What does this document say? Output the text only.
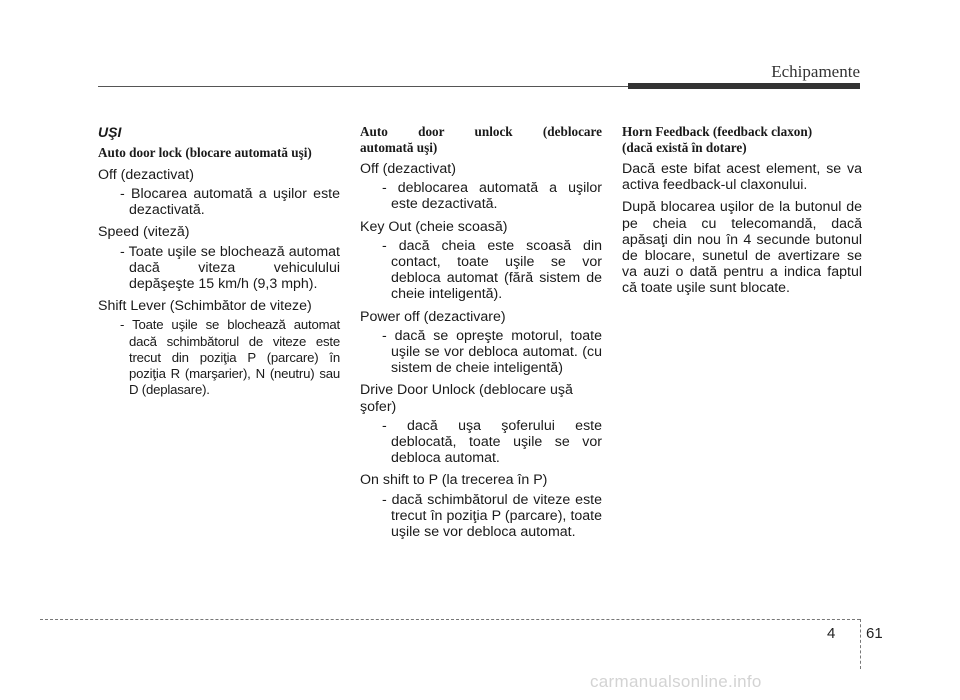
Echipamente
UŞI
Auto door lock (blocare automată uşi)
Off (dezactivat)
- Blocarea automată a uşilor este dezactivată.
Speed (viteză)
- Toate uşile se blochează automat dacă viteza vehiculului depăşeşte 15 km/h (9,3 mph).
Shift Lever (Schimbător de viteze)
- Toate uşile se blochează automat dacă schimbătorul de viteze este trecut din poziţia P (parcare) în poziţia R (marşarier), N (neutru) sau D (deplasare).
Auto door unlock (deblocare
automată uşi)
Off (dezactivat)
- deblocarea automată a uşilor este dezactivată.
Key Out (cheie scoasă)
- dacă cheia este scoasă din contact, toate uşile se vor debloca automat (fără sistem de cheie inteligentă).
Power off (dezactivare)
- dacă se opreşte motorul, toate uşile se vor debloca automat. (cu sistem de cheie inteligentă)
Drive Door Unlock (deblocare uşă şofer)
- dacă uşa şoferului este deblocată, toate uşile se vor debloca automat.
On shift to P (la trecerea în P)
- dacă schimbătorul de viteze este trecut în poziţia P (parcare), toate uşile se vor debloca automat.
Horn Feedback (feedback claxon)
(dacă există în dotare)
Dacă este bifat acest element, se va activa feedback-ul claxonului.
După blocarea uşilor de la butonul de pe cheia cu telecomandă, dacă apăsaţi din nou în 4 secunde butonul de blocare, sunetul de avertizare se va auzi o dată pentru a indica faptul că toate uşile sunt blocate.
4 61
carmanualsonline.info
